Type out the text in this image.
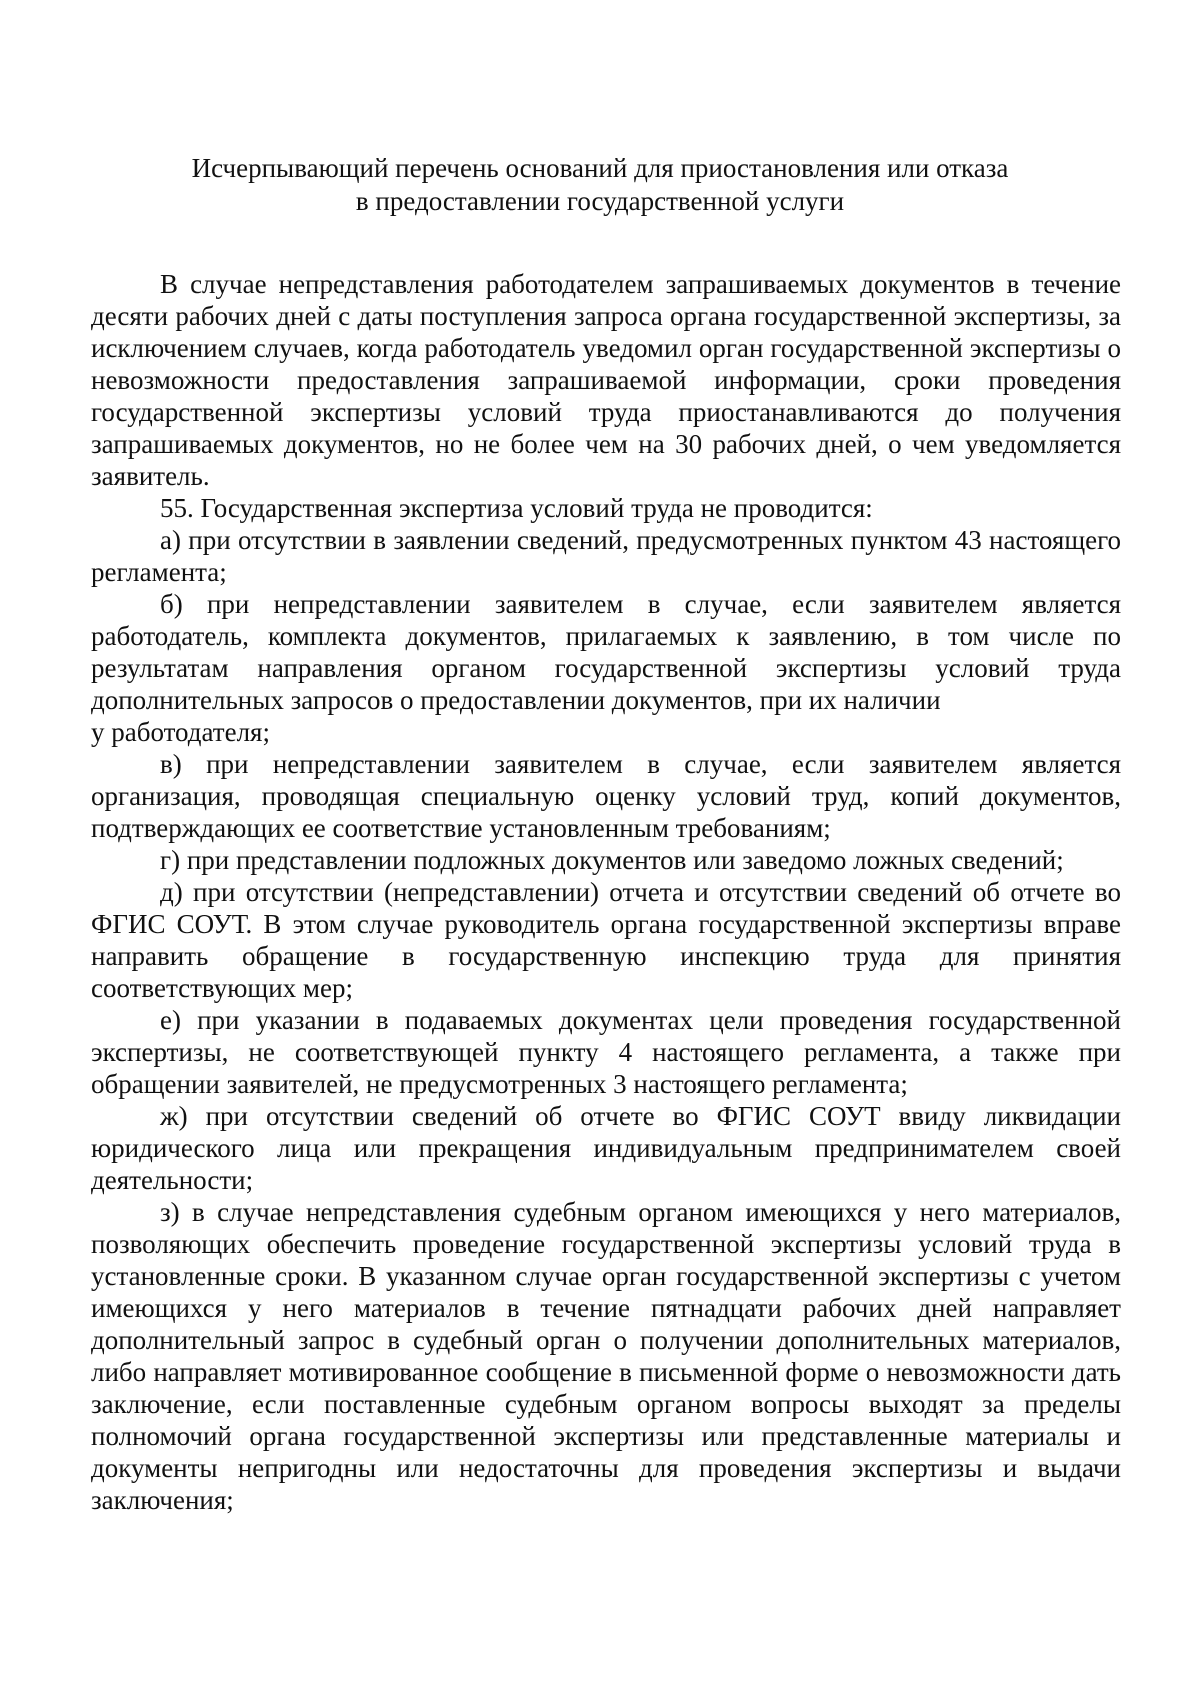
Исчерпывающий перечень оснований для приостановления или отказа
в предоставлении государственной услуги

В случае непредставления работодателем запрашиваемых документов в течение десяти рабочих дней с даты поступления запроса органа государственной экспертизы, за исключением случаев, когда работодатель уведомил орган государственной экспертизы о невозможности предоставления запрашиваемой информации, сроки проведения государственной экспертизы условий труда приостанавливаются до получения запрашиваемых документов, но не более чем на 30 рабочих дней, о чем уведомляется заявитель.

55. Государственная экспертиза условий труда не проводится:

а) при отсутствии в заявлении сведений, предусмотренных пунктом 43 настоящего регламента;

б) при непредставлении заявителем в случае, если заявителем является работодатель, комплекта документов, прилагаемых к заявлению, в том числе по результатам направления органом государственной экспертизы условий труда дополнительных запросов о предоставлении документов, при их наличии

у работодателя;

в) при непредставлении заявителем в случае, если заявителем является организация, проводящая специальную оценку условий труд, копий документов, подтверждающих ее соответствие установленным требованиям;

г) при представлении подложных документов или заведомо ложных сведений;

д) при отсутствии (непредставлении) отчета и отсутствии сведений об отчете во ФГИС СОУТ. В этом случае руководитель органа государственной экспертизы вправе направить обращение в государственную инспекцию труда для принятия соответствующих мер;

е) при указании в подаваемых документах цели проведения государственной экспертизы, не соответствующей пункту 4 настоящего регламента, а также при обращении заявителей, не предусмотренных 3 настоящего регламента;

ж) при отсутствии сведений об отчете во ФГИС СОУТ ввиду ликвидации юридического лица или прекращения индивидуальным предпринимателем своей деятельности;

з) в случае непредставления судебным органом имеющихся у него материалов, позволяющих обеспечить проведение государственной экспертизы условий труда в установленные сроки. В указанном случае орган государственной экспертизы с учетом имеющихся у него материалов в течение пятнадцати рабочих дней направляет дополнительный запрос в судебный орган о получении дополнительных материалов, либо направляет мотивированное сообщение в письменной форме о невозможности дать заключение, если поставленные судебным органом вопросы выходят за пределы полномочий органа государственной экспертизы или представленные материалы и документы непригодны или недостаточны для проведения экспертизы и выдачи заключения;
